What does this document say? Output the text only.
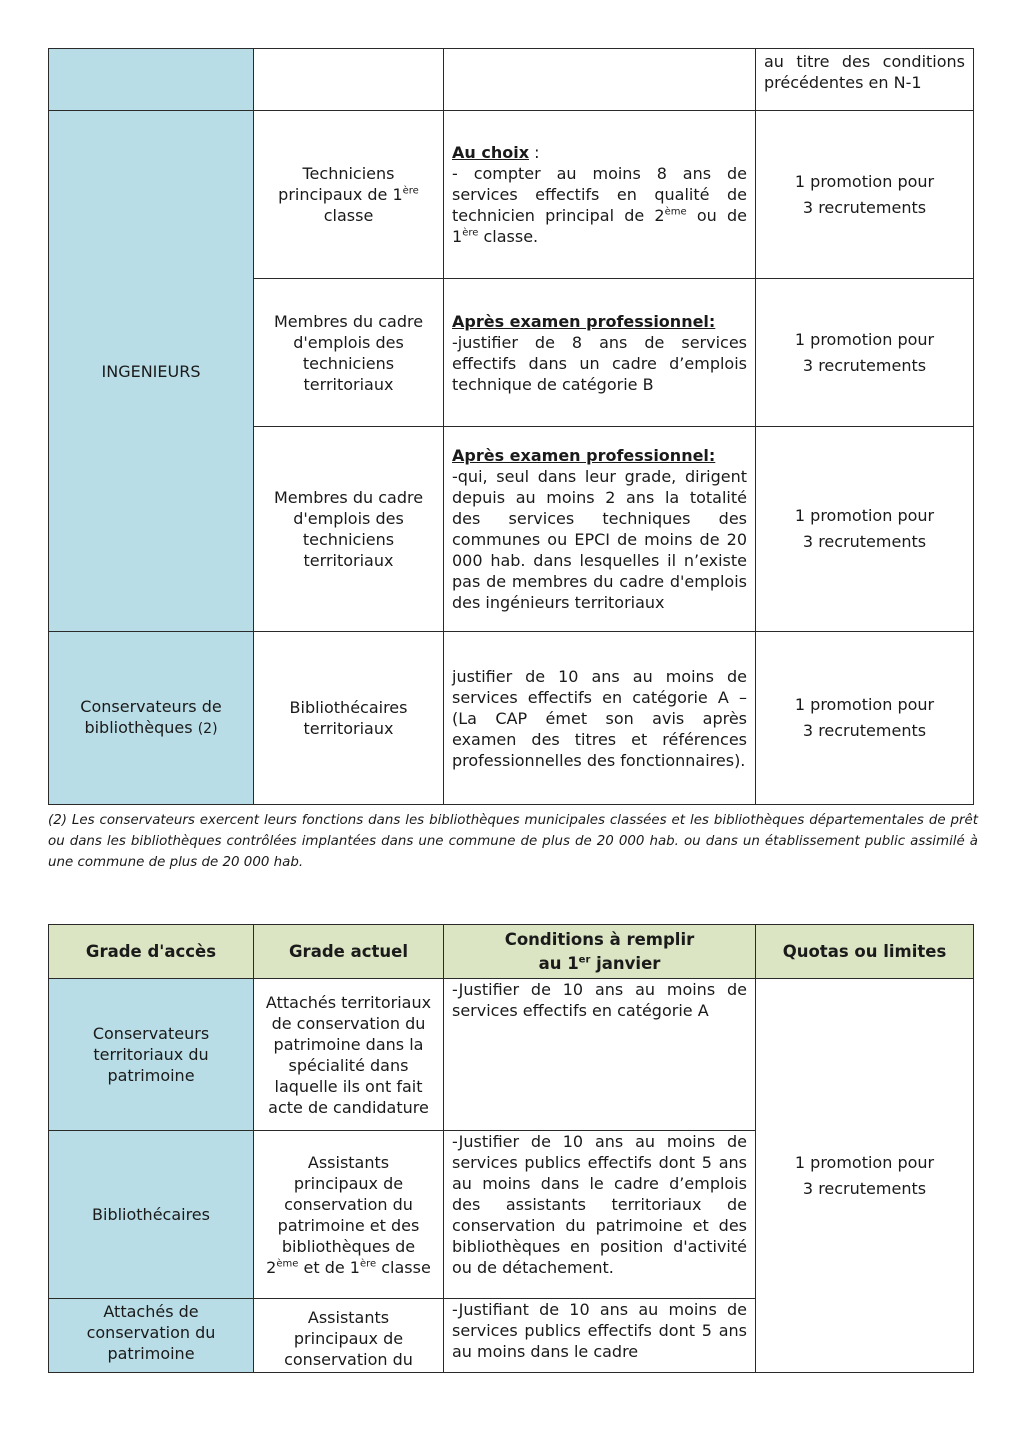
			au titre des conditions précédentes en N-1
INGENIEURS	Techniciens principaux de 1ère classe	Au choix :
- compter au moins 8 ans de services effectifs en qualité de technicien principal de 2ème ou de 1ère classe.	1 promotion pour
3 recrutements

	Membres du cadre d'emplois des techniciens territoriaux	Après examen professionnel:
-justifier de 8 ans de services effectifs dans un cadre d’emplois technique de catégorie B	1 promotion pour
3 recrutements

	Membres du cadre d'emplois des techniciens territoriaux	Après examen professionnel:
-qui, seul dans leur grade, dirigent depuis au moins 2 ans la totalité des services techniques des communes ou EPCI de moins de 20 000 hab. dans lesquelles il n’existe pas de membres du cadre d'emplois des ingénieurs territoriaux	1 promotion pour
3 recrutements

Conservateurs de bibliothèques (2)	Bibliothécaires territoriaux	justifier de 10 ans au moins de services effectifs en catégorie A – (La CAP émet son avis après examen des titres et références professionnelles des fonctionnaires).	1 promotion pour
3 recrutements
(2) Les conservateurs exercent leurs fonctions dans les bibliothèques municipales classées et les bibliothèques départementales de prêt ou dans les bibliothèques contrôlées implantées dans une commune de plus de 20 000 hab. ou dans un établissement public assimilé à une commune de plus de 20 000 hab.
Grade d'accès	Grade actuel	Conditions à remplir
au 1er janvier	Quotas ou limites
Conservateurs territoriaux du patrimoine	Attachés territoriaux de conservation du patrimoine dans la spécialité dans laquelle ils ont fait acte de candidature	-Justifier de 10 ans au moins de services effectifs en catégorie A	1 promotion pour
3 recrutements

Bibliothécaires	Assistants principaux de conservation du patrimoine et des bibliothèques de 2ème et de 1ère classe	-Justifier de 10 ans au moins de services publics effectifs dont 5 ans au moins dans le cadre d’emplois des assistants territoriaux de conservation du patrimoine et des bibliothèques en position d'activité ou de détachement.	
Attachés de conservation du patrimoine	Assistants principaux de conservation du	-Justifiant de 10 ans au moins de services publics effectifs dont 5 ans au moins dans le cadre	
